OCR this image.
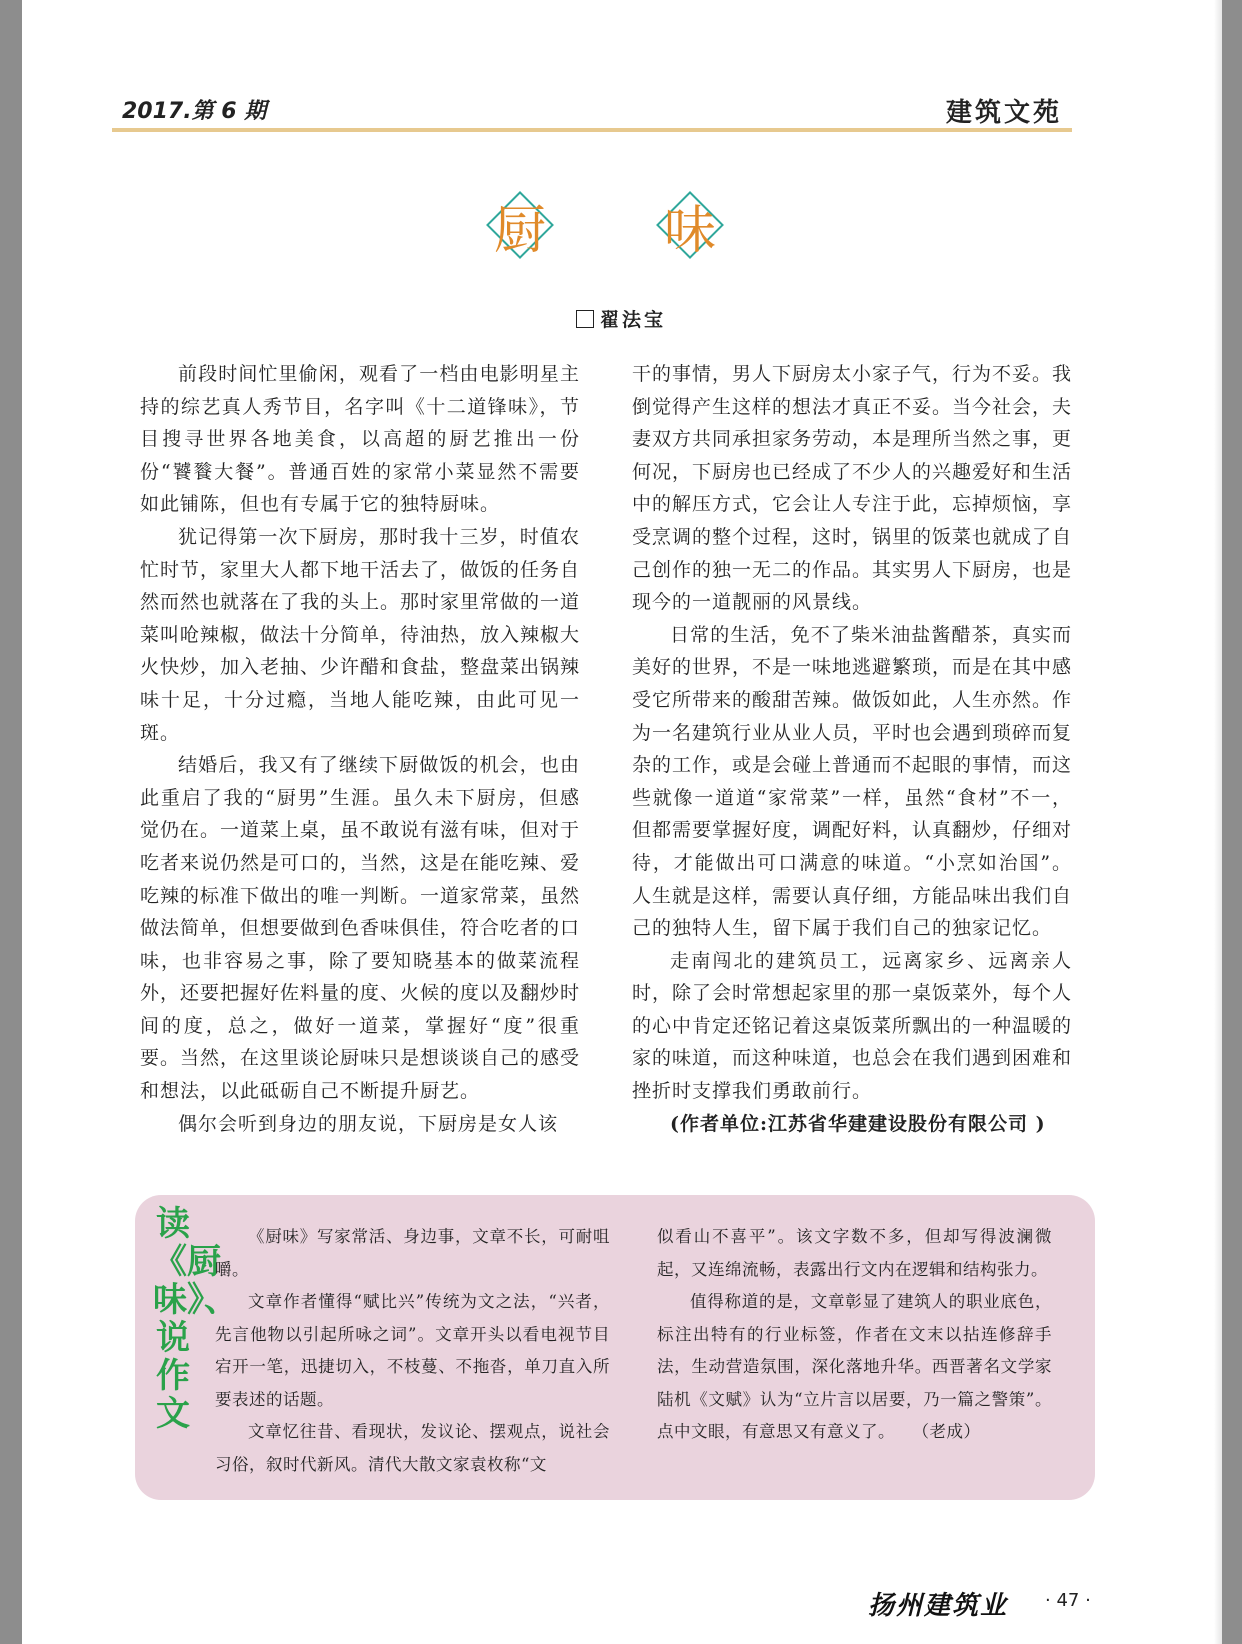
2017.第 6 期	建筑文苑
厨 味
翟法宝

前段时间忙里偷闲，观看了一档由电影明星主持的综艺真人秀节目，名字叫《十二道锋味》，节目搜寻世界各地美食，以高超的厨艺推出一份份“饕餮大餐”。普通百姓的家常小菜显然不需要如此铺陈，但也有专属于它的独特厨味。

犹记得第一次下厨房，那时我十三岁，时值农忙时节，家里大人都下地干活去了，做饭的任务自然而然也就落在了我的头上。那时家里常做的一道菜叫呛辣椒，做法十分简单，待油热，放入辣椒大火快炒，加入老抽、少许醋和食盐，整盘菜出锅辣味十足，十分过瘾，当地人能吃辣，由此可见一斑。

结婚后，我又有了继续下厨做饭的机会，也由此重启了我的“厨男”生涯。虽久未下厨房，但感觉仍在。一道菜上桌，虽不敢说有滋有味，但对于吃者来说仍然是可口的，当然，这是在能吃辣、爱吃辣的标准下做出的唯一判断。一道家常菜，虽然做法简单，但想要做到色香味俱佳，符合吃者的口味，也非容易之事，除了要知晓基本的做菜流程外，还要把握好佐料量的度、火候的度以及翻炒时间的度，总之，做好一道菜，掌握好“度”很重要。当然，在这里谈论厨味只是想谈谈自己的感受和想法，以此砥砺自己不断提升厨艺。

偶尔会听到身边的朋友说，下厨房是女人该

干的事情，男人下厨房太小家子气，行为不妥。我倒觉得产生这样的想法才真正不妥。当今社会，夫妻双方共同承担家务劳动，本是理所当然之事，更何况，下厨房也已经成了不少人的兴趣爱好和生活中的解压方式，它会让人专注于此，忘掉烦恼，享受烹调的整个过程，这时，锅里的饭菜也就成了自己创作的独一无二的作品。其实男人下厨房，也是现今的一道靓丽的风景线。

日常的生活，免不了柴米油盐酱醋茶，真实而美好的世界，不是一味地逃避繁琐，而是在其中感受它所带来的酸甜苦辣。做饭如此，人生亦然。作为一名建筑行业从业人员，平时也会遇到琐碎而复杂的工作，或是会碰上普通而不起眼的事情，而这些就像一道道“家常菜”一样，虽然“食材”不一，但都需要掌握好度，调配好料，认真翻炒，仔细对待，才能做出可口满意的味道。“小烹如治国”。人生就是这样，需要认真仔细，方能品味出我们自己的独特人生，留下属于我们自己的独家记忆。

走南闯北的建筑员工，远离家乡、远离亲人时，除了会时常想起家里的那一桌饭菜外，每个人的心中肯定还铭记着这桌饭菜所飘出的一种温暖的家的味道，而这种味道，也总会在我们遇到困难和挫折时支撑我们勇敢前行。

(作者单位:江苏省华建建设股份有限公司 )

读《厨味》、说作文

《厨味》写家常活、身边事，文章不长，可耐咀嚼。

文章作者懂得“赋比兴”传统为文之法，“兴者，先言他物以引起所咏之词”。文章开头以看电视节目宕开一笔，迅捷切入，不枝蔓、不拖沓，单刀直入所要表述的话题。

文章忆往昔、看现状，发议论、摆观点，说社会习俗，叙时代新风。清代大散文家袁枚称“文

似看山不喜平”。该文字数不多，但却写得波澜微起，又连绵流畅，表露出行文内在逻辑和结构张力。

值得称道的是，文章彰显了建筑人的职业底色，标注出特有的行业标签，作者在文末以拈连修辞手法，生动营造氛围，深化落地升华。西晋著名文学家陆机《文赋》认为“立片言以居要，乃一篇之警策”。点中文眼，有意思又有意义了。　　（老成）

扬州建筑业 · 47 ·
